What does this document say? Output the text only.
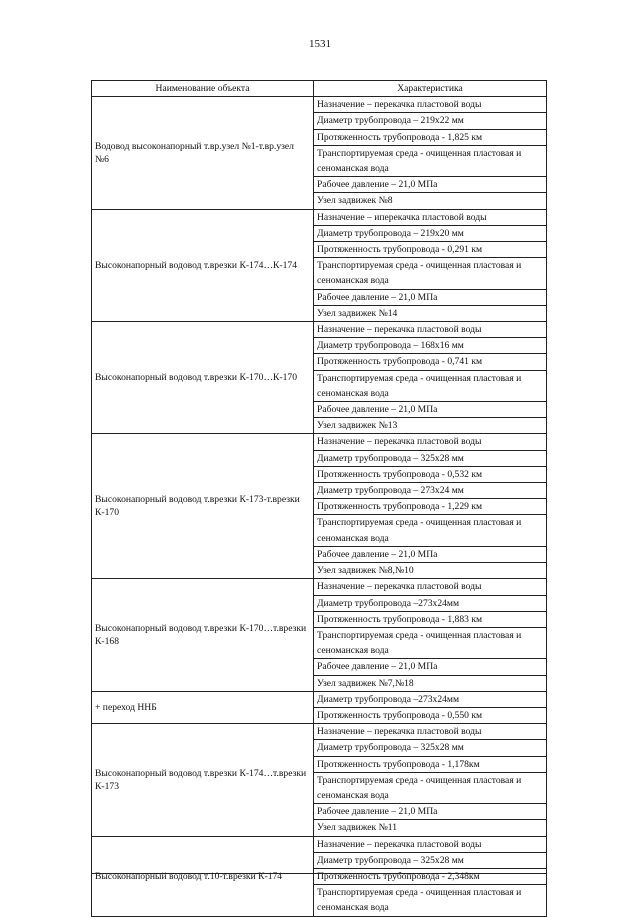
1531
Наименование объекта	Характеристика
Водовод высоконапорный т.вр.узел №1-т.вр.узел №6	Назначение – перекачка пластовой воды
	Диаметр трубопровода – 219х22 мм
	Протяженность трубопровода - 1,825 км
	Транспортируемая среда - очищенная пластовая и сеноманская вода
	Рабочее давление – 21,0 МПа
	Узел задвижек №8
Высоконапорный водовод т.врезки К-174…К-174	Назначение – иперекачка пластовой воды
	Диаметр трубопровода – 219х20 мм
	Протяженность трубопровода - 0,291 км
	Транспортируемая среда - очищенная пластовая и сеноманская вода
	Рабочее давление – 21,0 МПа
	Узел задвижек №14
Высоконапорный водовод т.врезки К-170…К-170	Назначение – перекачка пластовой воды
	Диаметр трубопровода – 168х16 мм
	Протяженность трубопровода - 0,741 км
	Транспортируемая среда - очищенная пластовая и сеноманская вода
	Рабочее давление – 21,0 МПа
	Узел задвижек №13
Высоконапорный водовод т.врезки К-173-т.врезки К-170	Назначение – перекачка пластовой воды
	Диаметр трубопровода – 325х28 мм
	Протяженность трубопровода - 0,532 км
	Диаметр трубопровода – 273х24 мм
	Протяженность трубопровода - 1,229 км
	Транспортируемая среда - очищенная пластовая и сеноманская вода
	Рабочее давление – 21,0 МПа
	Узел задвижек №8,№10
Высоконапорный водовод т.врезки К-170…т.врезки К-168	Назначение – перекачка пластовой воды
	Диаметр трубопровода –273х24мм
	Протяженность трубопровода - 1,883 км
	Транспортируемая среда - очищенная пластовая и сеноманская вода
	Рабочее давление – 21,0 МПа
	Узел задвижек №7,№18
+ переход ННБ	Диаметр трубопровода –273х24мм
	Протяженность трубопровода - 0,550 км
Высоконапорный водовод т.врезки К-174…т.врезки К-173	Назначение – перекачка пластовой воды
	Диаметр трубопровода – 325х28 мм
	Протяженность трубопровода - 1,178км
	Транспортируемая среда - очищенная пластовая и сеноманская вода
	Рабочее давление – 21,0 МПа
	Узел задвижек №11
Высоконапорный водовод т.10-т.врезки К-174	Назначение – перекачка пластовой воды
	Диаметр трубопровода – 325х28 мм
	Протяженность трубопровода - 2,348км
	Транспортируемая среда - очищенная пластовая и сеноманская вода
